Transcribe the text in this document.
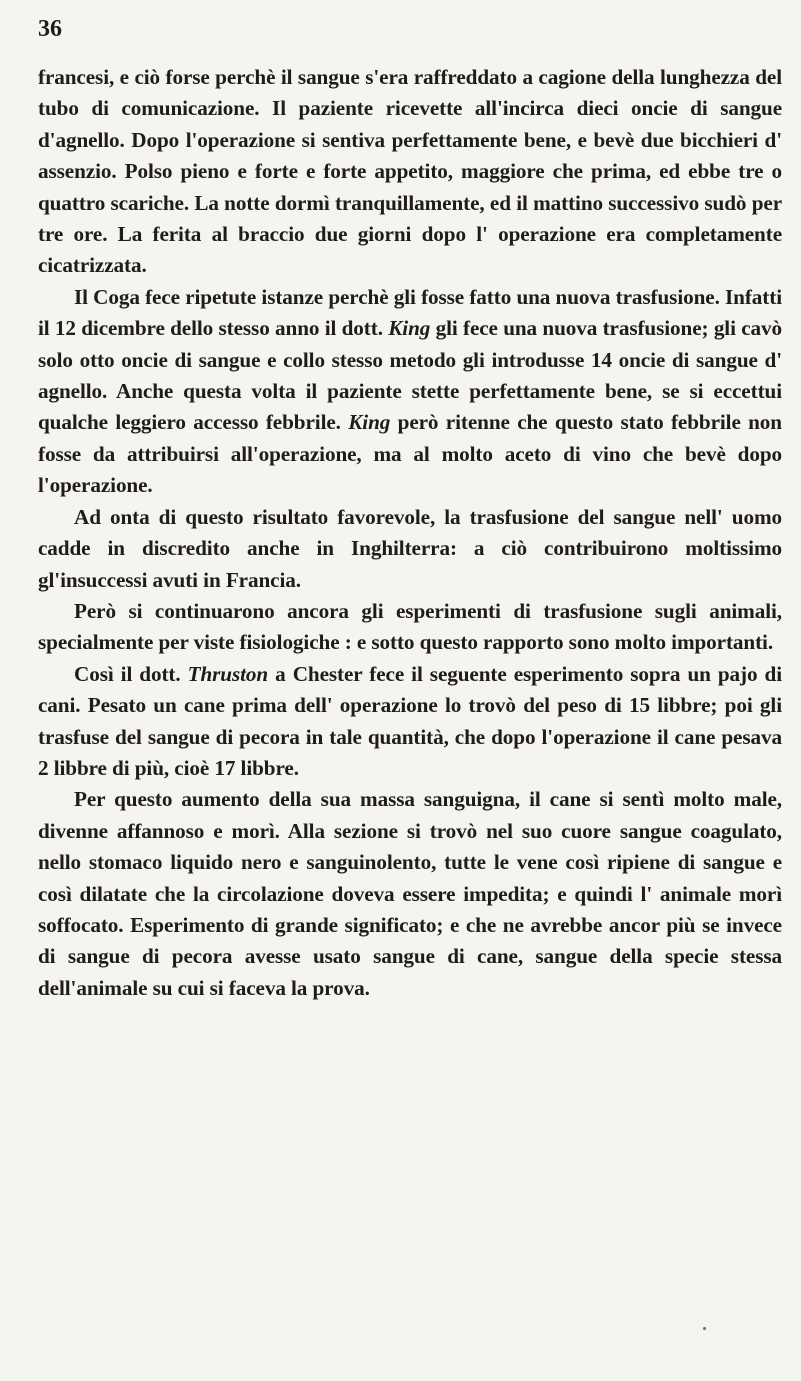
36

francesi, e ciò forse perchè il sangue s'era raffreddato a cagione della lunghezza del tubo di comunicazione. Il paziente ricevette all'incirca dieci oncie di sangue d'agnello. Dopo l'operazione si sentiva perfettamente bene, e bevè due bicchieri d' assenzio. Polso pieno e forte e forte appetito, maggiore che prima, ed ebbe tre o quattro scariche. La notte dormì tranquillamente, ed il mattino successivo sudò per tre ore. La ferita al braccio due giorni dopo l' operazione era completamente cicatrizzata.

Il Coga fece ripetute istanze perchè gli fosse fatto una nuova trasfusione. Infatti il 12 dicembre dello stesso anno il dott. King gli fece una nuova trasfusione; gli cavò solo otto oncie di sangue e collo stesso metodo gli introdusse 14 oncie di sangue d' agnello. Anche questa volta il paziente stette perfettamente bene, se si eccettui qualche leggiero accesso febbrile. King però ritenne che questo stato febbrile non fosse da attribuirsi all'operazione, ma al molto aceto di vino che bevè dopo l'operazione.

Ad onta di questo risultato favorevole, la trasfusione del sangue nell' uomo cadde in discredito anche in Inghilterra: a ciò contribuirono moltissimo gl'insuccessi avuti in Francia.

Però si continuarono ancora gli esperimenti di trasfusione sugli animali, specialmente per viste fisiologiche : e sotto questo rapporto sono molto importanti.

Così il dott. Thruston a Chester fece il seguente esperimento sopra un pajo di cani. Pesato un cane prima dell' operazione lo trovò del peso di 15 libbre; poi gli trasfuse del sangue di pecora in tale quantità, che dopo l'operazione il cane pesava 2 libbre di più, cioè 17 libbre.

Per questo aumento della sua massa sanguigna, il cane si sentì molto male, divenne affannoso e morì. Alla sezione si trovò nel suo cuore sangue coagulato, nello stomaco liquido nero e sanguinolento, tutte le vene così ripiene di sangue e così dilatate che la circolazione doveva essere impedita; e quindi l' animale morì soffocato. Esperimento di grande significato; e che ne avrebbe ancor più se invece di sangue di pecora avesse usato sangue di cane, sangue della specie stessa dell'animale su cui si faceva la prova.
